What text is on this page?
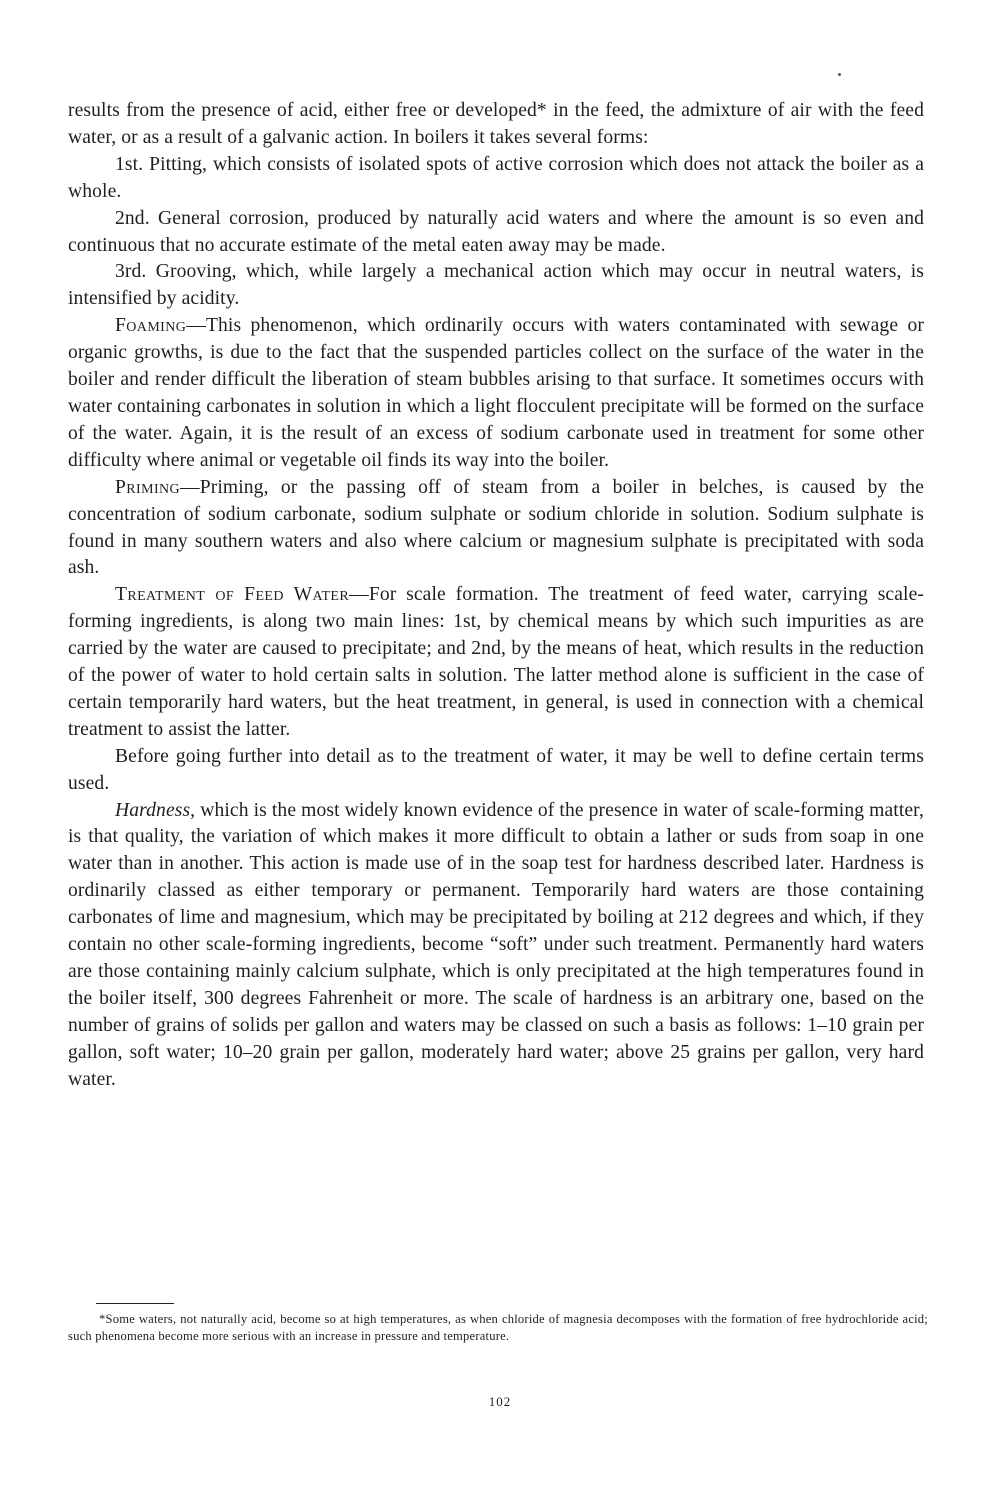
results from the presence of acid, either free or developed* in the feed, the admixture of air with the feed water, or as a result of a galvanic action. In boilers it takes several forms:

1st. Pitting, which consists of isolated spots of active corrosion which does not attack the boiler as a whole.

2nd. General corrosion, produced by naturally acid waters and where the amount is so even and continuous that no accurate estimate of the metal eaten away may be made.

3rd. Grooving, which, while largely a mechanical action which may occur in neutral waters, is intensified by acidity.

Foaming—This phenomenon, which ordinarily occurs with waters contaminated with sewage or organic growths, is due to the fact that the suspended particles collect on the surface of the water in the boiler and render difficult the liberation of steam bubbles arising to that surface. It sometimes occurs with water containing carbonates in solution in which a light flocculent precipitate will be formed on the surface of the water. Again, it is the result of an excess of sodium carbonate used in treatment for some other difficulty where animal or vegetable oil finds its way into the boiler.

Priming—Priming, or the passing off of steam from a boiler in belches, is caused by the concentration of sodium carbonate, sodium sulphate or sodium chloride in solution. Sodium sulphate is found in many southern waters and also where calcium or magnesium sulphate is precipitated with soda ash.

Treatment of Feed Water—For scale formation. The treatment of feed water, carrying scale-forming ingredients, is along two main lines: 1st, by chemical means by which such impurities as are carried by the water are caused to precipitate; and 2nd, by the means of heat, which results in the reduction of the power of water to hold certain salts in solution. The latter method alone is sufficient in the case of certain temporarily hard waters, but the heat treatment, in general, is used in connection with a chemical treatment to assist the latter.

Before going further into detail as to the treatment of water, it may be well to define certain terms used.

Hardness, which is the most widely known evidence of the presence in water of scale-forming matter, is that quality, the variation of which makes it more difficult to obtain a lather or suds from soap in one water than in another. This action is made use of in the soap test for hardness described later. Hardness is ordinarily classed as either temporary or permanent. Temporarily hard waters are those containing carbonates of lime and magnesium, which may be precipitated by boiling at 212 degrees and which, if they contain no other scale-forming ingredients, become “soft” under such treatment. Permanently hard waters are those containing mainly calcium sulphate, which is only precipitated at the high temperatures found in the boiler itself, 300 degrees Fahrenheit or more. The scale of hardness is an arbitrary one, based on the number of grains of solids per gallon and waters may be classed on such a basis as follows: 1–10 grain per gallon, soft water; 10–20 grain per gallon, moderately hard water; above 25 grains per gallon, very hard water.

*Some waters, not naturally acid, become so at high temperatures, as when chloride of magnesia decomposes with the formation of free hydrochloride acid; such phenomena become more serious with an increase in pressure and temperature.

102
